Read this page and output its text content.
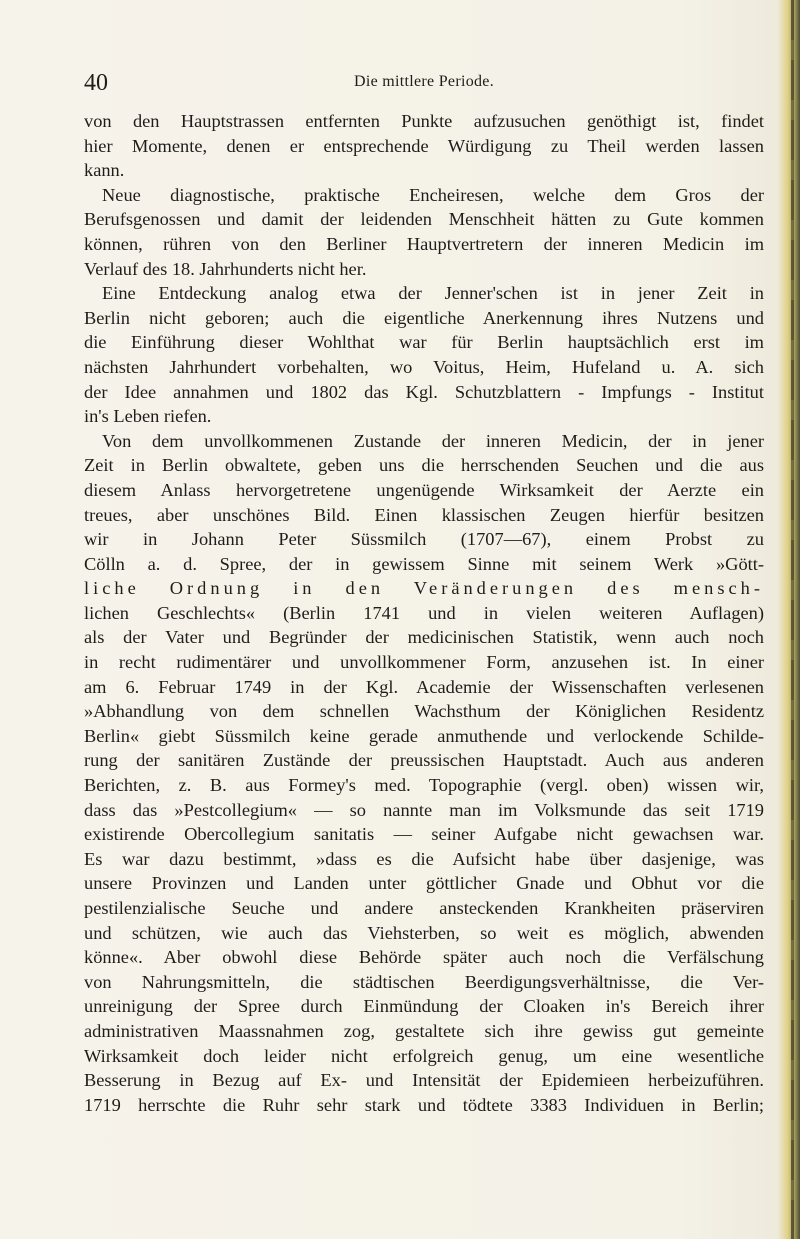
40	Die mittlere Periode.
von den Hauptstrassen entfernten Punkte aufzusuchen genöthigt ist, findet
hier Momente, denen er entsprechende Würdigung zu Theil werden lassen
kann.
Neue diagnostische, praktische Encheiresen, welche dem Gros der
Berufsgenossen und damit der leidenden Menschheit hätten zu Gute kommen
können, rühren von den Berliner Hauptvertretern der inneren Medicin im
Verlauf des 18. Jahrhunderts nicht her.
Eine Entdeckung analog etwa der Jenner'schen ist in jener Zeit in
Berlin nicht geboren; auch die eigentliche Anerkennung ihres Nutzens und
die Einführung dieser Wohlthat war für Berlin hauptsächlich erst im
nächsten Jahrhundert vorbehalten, wo Voitus, Heim, Hufeland u. A. sich
der Idee annahmen und 1802 das Kgl. Schutzblattern - Impfungs - Institut
in's Leben riefen.
Von dem unvollkommenen Zustande der inneren Medicin, der in jener
Zeit in Berlin obwaltete, geben uns die herrschenden Seuchen und die aus
diesem Anlass hervorgetretene ungenügende Wirksamkeit der Aerzte ein
treues, aber unschönes Bild. Einen klassischen Zeugen hierfür besitzen
wir in Johann Peter Süssmilch (1707—67), einem Probst zu
Cölln a. d. Spree, der in gewissem Sinne mit seinem Werk »Gött-
liche Ordnung in den Veränderungen des mensch-
lichen Geschlechts« (Berlin 1741 und in vielen weiteren Auflagen)
als der Vater und Begründer der medicinischen Statistik, wenn auch noch
in recht rudimentärer und unvollkommener Form, anzusehen ist. In einer
am 6. Februar 1749 in der Kgl. Academie der Wissenschaften verlesenen
»Abhandlung von dem schnellen Wachsthum der Königlichen Residentz
Berlin« giebt Süssmilch keine gerade anmuthende und verlockende Schilde-
rung der sanitären Zustände der preussischen Hauptstadt. Auch aus anderen
Berichten, z. B. aus Formey's med. Topographie (vergl. oben) wissen wir,
dass das »Pestcollegium« — so nannte man im Volksmunde das seit 1719
existirende Obercollegium sanitatis — seiner Aufgabe nicht gewachsen war.
Es war dazu bestimmt, »dass es die Aufsicht habe über dasjenige, was
unsere Provinzen und Landen unter göttlicher Gnade und Obhut vor die
pestilenzialische Seuche und andere ansteckenden Krankheiten präserviren
und schützen, wie auch das Viehsterben, so weit es möglich, abwenden
könne«. Aber obwohl diese Behörde später auch noch die Verfälschung
von Nahrungsmitteln, die städtischen Beerdigungsverhältnisse, die Ver-
unreinigung der Spree durch Einmündung der Cloaken in's Bereich ihrer
administrativen Maassnahmen zog, gestaltete sich ihre gewiss gut gemeinte
Wirksamkeit doch leider nicht erfolgreich genug, um eine wesentliche
Besserung in Bezug auf Ex- und Intensität der Epidemieen herbeizuführen.
1719 herrschte die Ruhr sehr stark und tödtete 3383 Individuen in Berlin;
